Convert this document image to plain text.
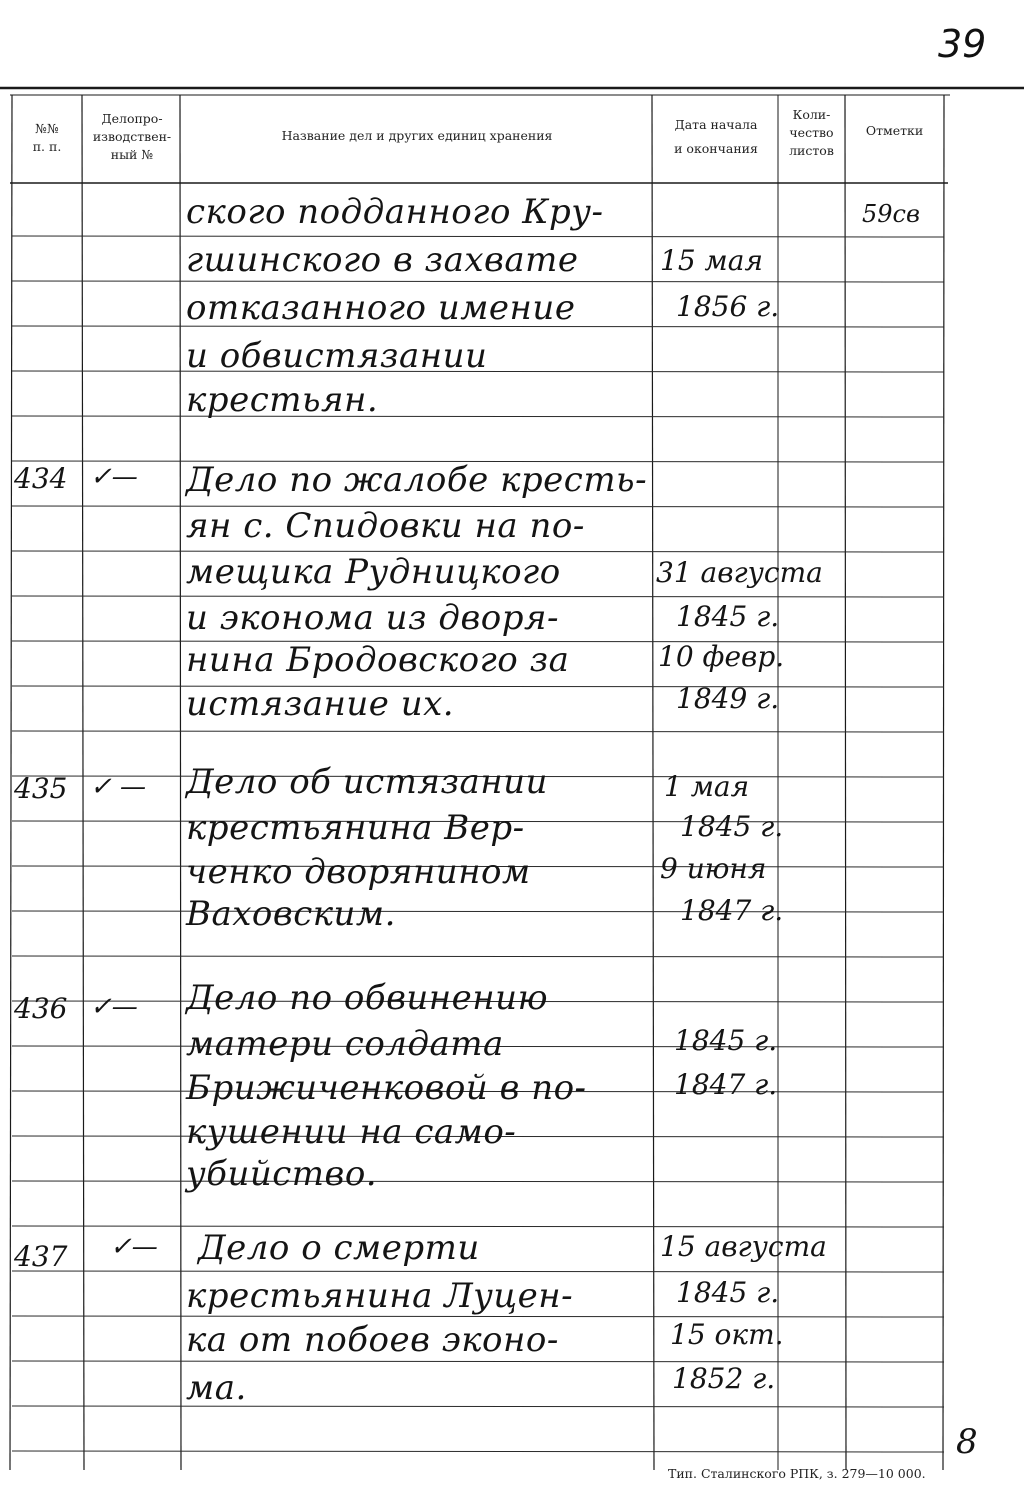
39
№№
п. п.
Делопро-
изводствен-
ный №
Название дел и других единиц хранения
Дата начала
и окончания
Коли-
чество
листов
Отметки
ского подданного Кру-
гшинского в захвате
отказанного имение
и обвистязании
крестьян.
15 мая
1856 г.
59св
434 ✓— Дело по жалобе кресть-
ян с. Спидовки на по-
мещика Рудницкого
и эконома из дворя-
нина Бродовского за
истязание их.
31 августа
1845 г.
10 февр.
1849 г.
435 ✓ — Дело об истязании
крестьянина Вер-
ченко дворянином
Ваховским.
1 мая
1845 г.
9 июня
1847 г.
436 ✓— Дело по обвинению
матери солдата
Брижиченковой в по-
кушении на само-
убийство.
1845 г.
1847 г.
437 ✓— Дело о смерти
крестьянина Луцен-
ка от побоев эконо-
ма.
15 августа
1845 г.
15 окт.
1852 г.
8
Тип. Сталинского РПК, з. 279—10 000.
